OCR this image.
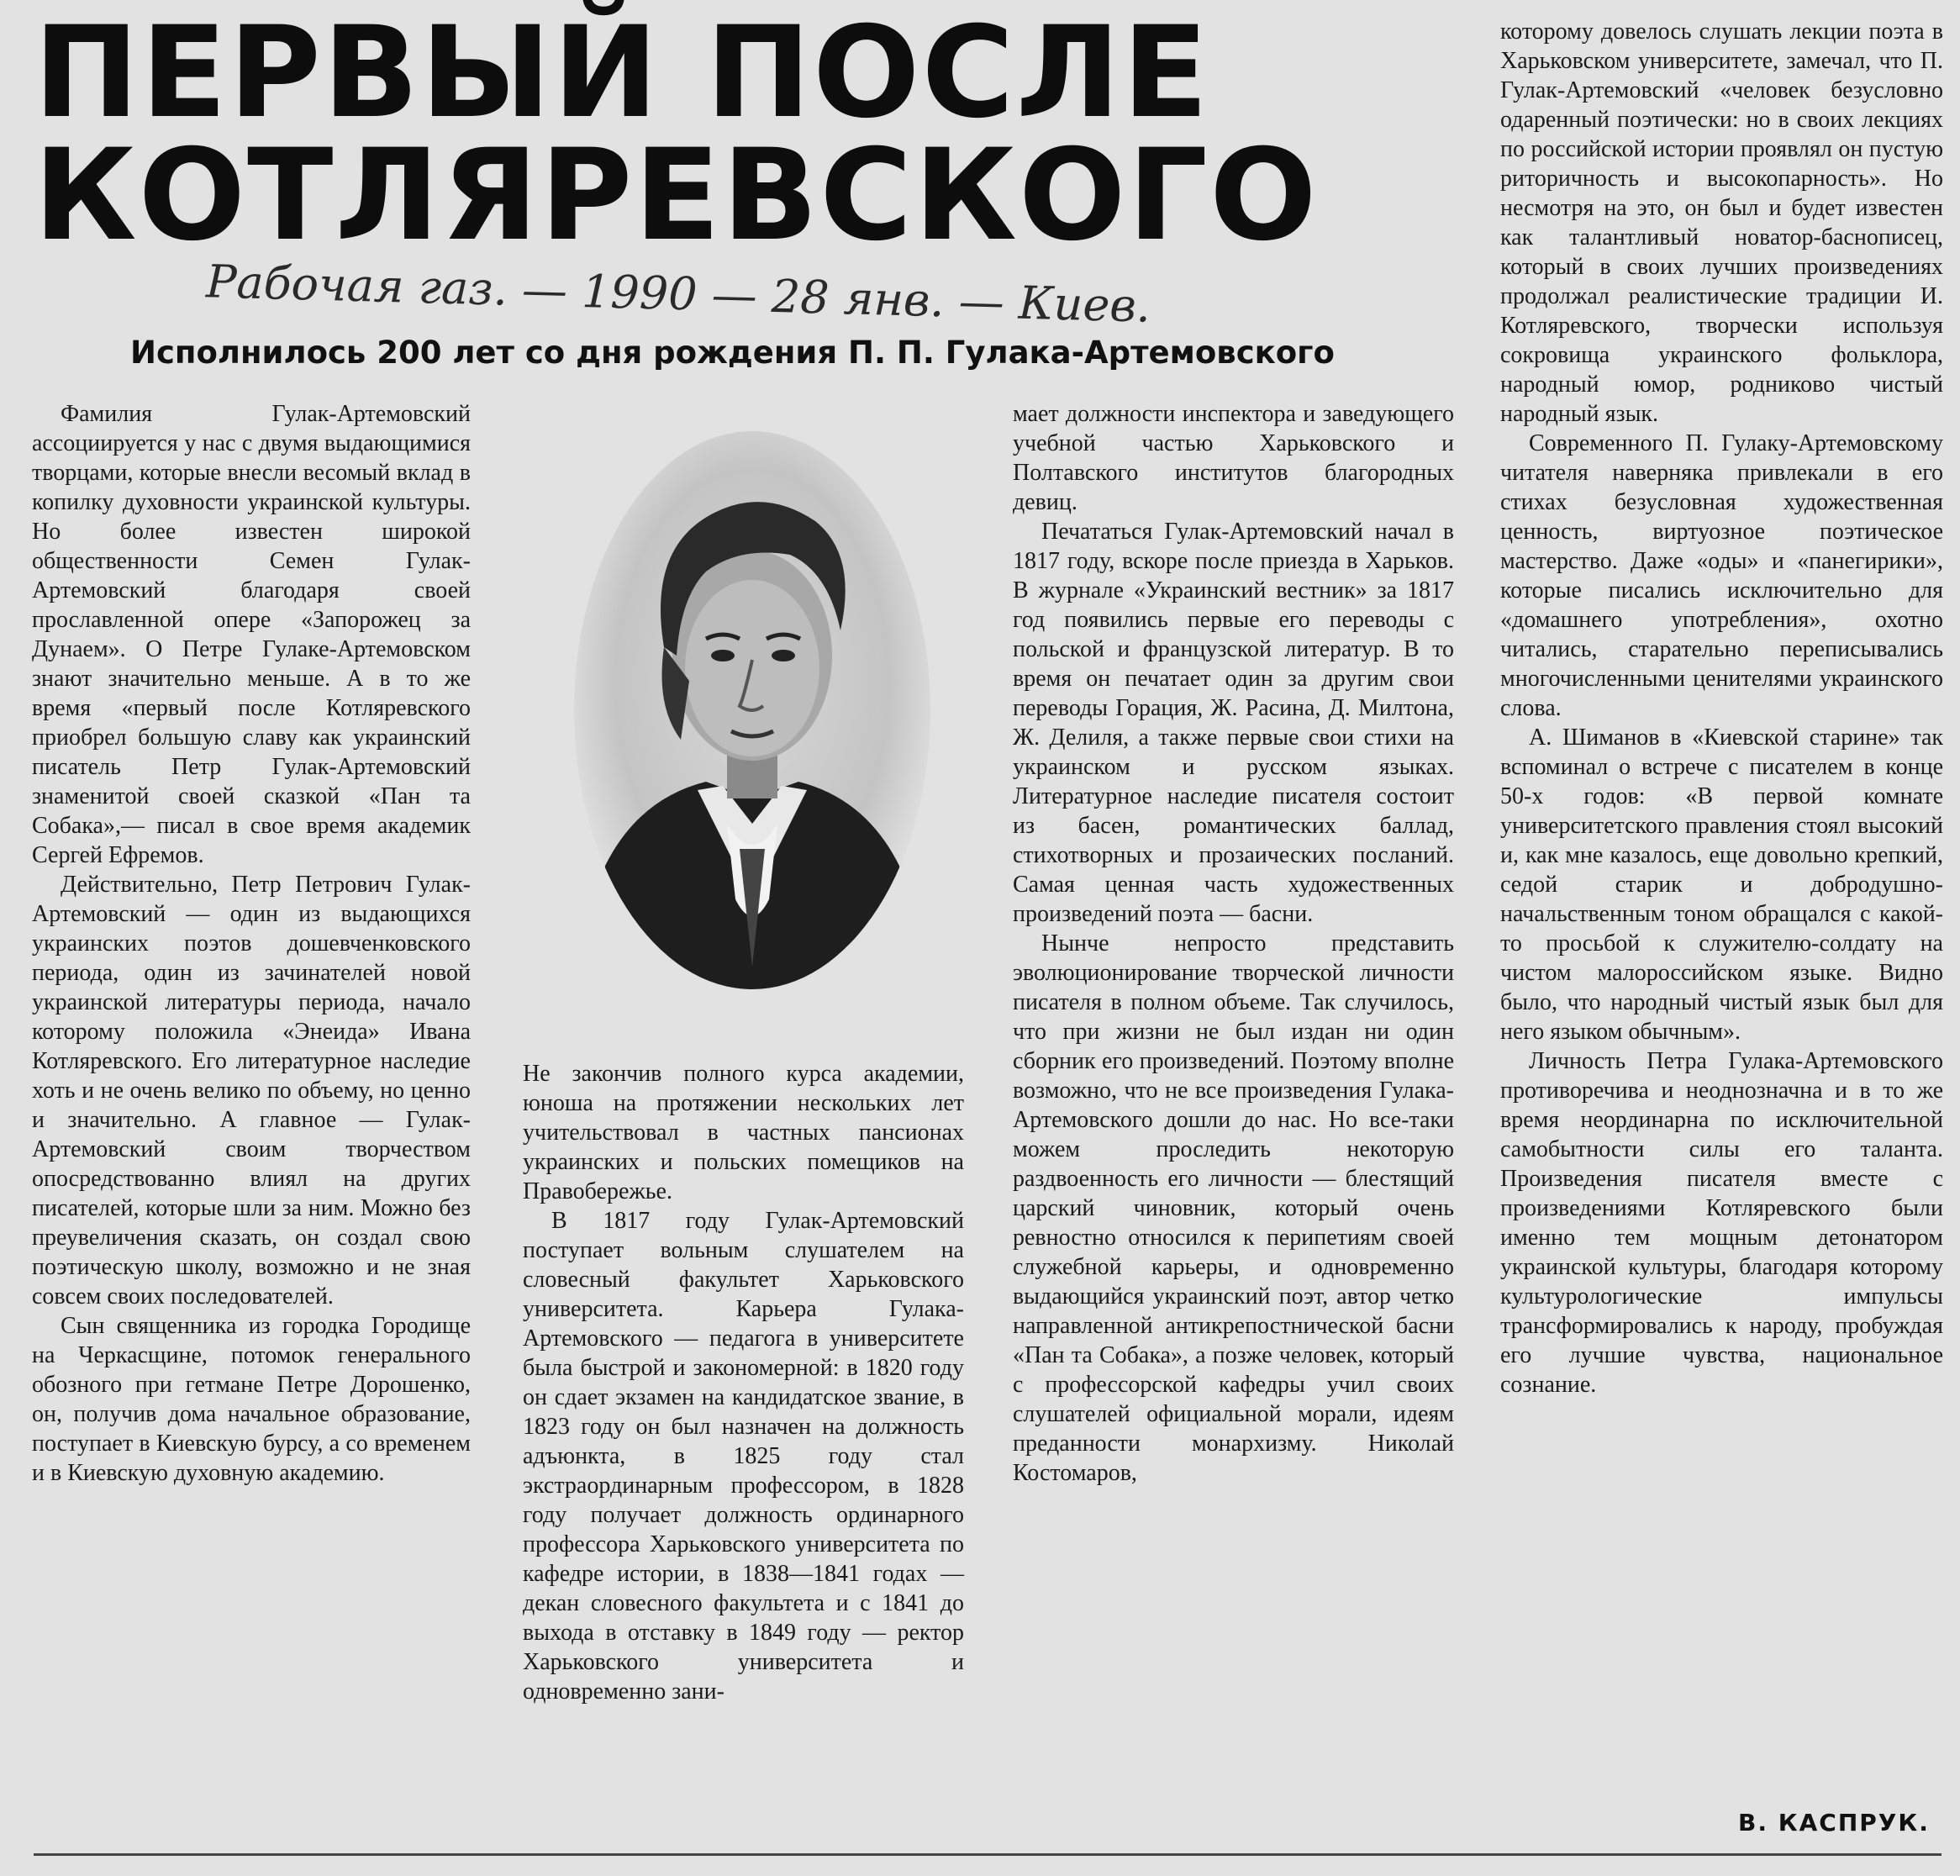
ПЕРВЫЙ ПОСЛЕ
КОТЛЯРЕВСКОГО
Рабочая газ. — 1990 — 28 янв. — Киев.
Исполнилось 200 лет со дня рождения П. П. Гулака-Артемовского

Фамилия Гулак-Артемовский ассоциируется у нас с двумя выдающимися творцами, которые внесли весомый вклад в копилку духовности украинской культуры. Но более известен широкой общественности Семен Гулак-Артемовский благодаря своей прославленной опере «Запорожец за Дунаем». О Петре Гулаке-Артемовском знают значительно меньше. А в то же время «первый после Котляревского приобрел большую славу как украинский писатель Петр Гулак-Артемовский знаменитой своей сказкой «Пан та Собака»,— писал в свое время академик Сергей Ефремов.

Действительно, Петр Петрович Гулак-Артемовский — один из выдающихся украинских поэтов дошевченковского периода, один из зачинателей новой украинской литературы периода, начало которому положила «Энеида» Ивана Котляревского. Его литературное наследие хоть и не очень велико по объему, но ценно и значительно. А главное — Гулак-Артемовский своим творчеством опосредствованно влиял на других писателей, которые шли за ним. Можно без преувеличения сказать, он создал свою поэтическую школу, возможно и не зная совсем своих последователей.

Сын священника из городка Городище на Черкасщине, потомок генерального обозного при гетмане Петре Дорошенко, он, получив дома начальное образование, поступает в Киевскую бурсу, а со временем и в Киевскую духовную академию.

Не закончив полного курса академии, юноша на протяжении нескольких лет учительствовал в частных пансионах украинских и польских помещиков на Правобережье.

В 1817 году Гулак-Артемовский поступает вольным слушателем на словесный факультет Харьковского университета. Карьера Гулака-Артемовского — педагога в университете была быстрой и закономерной: в 1820 году он сдает экзамен на кандидатское звание, в 1823 году он был назначен на должность адъюнкта, в 1825 году стал экстраординарным профессором, в 1828 году получает должность ординарного профессора Харьковского университета по кафедре истории, в 1838—1841 годах — декан словесного факультета и с 1841 до выхода в отставку в 1849 году — ректор Харьковского университета и одновременно зани-

мает должности инспектора и заведующего учебной частью Харьковского и Полтавского институтов благородных девиц.

Печататься Гулак-Артемовский начал в 1817 году, вскоре после приезда в Харьков. В журнале «Украинский вестник» за 1817 год появились первые его переводы с польской и французской литератур. В то время он печатает один за другим свои переводы Горация, Ж. Расина, Д. Милтона, Ж. Делиля, а также первые свои стихи на украинском и русском языках. Литературное наследие писателя состоит из басен, романтических баллад, стихотворных и прозаических посланий. Самая ценная часть художественных произведений поэта — басни.

Нынче непросто представить эволюционирование творческой личности писателя в полном объеме. Так случилось, что при жизни не был издан ни один сборник его произведений. Поэтому вполне возможно, что не все произведения Гулака-Артемовского дошли до нас. Но все-таки можем проследить некоторую раздвоенность его личности — блестящий царский чиновник, который очень ревностно относился к перипетиям своей служебной карьеры, и одновременно выдающийся украинский поэт, автор четко направленной антикрепостнической басни «Пан та Собака», а позже человек, который с профессорской кафедры учил своих слушателей официальной морали, идеям преданности монархизму. Николай Костомаров,

которому довелось слушать лекции поэта в Харьковском университете, замечал, что П. Гулак-Артемовский «человек безусловно одаренный поэтически: но в своих лекциях по российской истории проявлял он пустую риторичность и высокопарность». Но несмотря на это, он был и будет известен как талантливый новатор-баснописец, который в своих лучших произведениях продолжал реалистические традиции И. Котляревского, творчески используя сокровища украинского фольклора, народный юмор, родниково чистый народный язык.

Современного П. Гулаку-Артемовскому читателя наверняка привлекали в его стихах безусловная художественная ценность, виртуозное поэтическое мастерство. Даже «оды» и «панегирики», которые писались исключительно для «домашнего употребления», охотно читались, старательно переписывались многочисленными ценителями украинского слова.

А. Шиманов в «Киевской старине» так вспоминал о встрече с писателем в конце 50-х годов: «В первой комнате университетского правления стоял высокий и, как мне казалось, еще довольно крепкий, седой старик и добродушно-начальственным тоном обращался с какой-то просьбой к служителю-солдату на чистом малороссийском языке. Видно было, что народный чистый язык был для него языком обычным».

Личность Петра Гулака-Артемовского противоречива и неоднозначна и в то же время неординарна по исключительной самобытности силы его таланта. Произведения писателя вместе с произведениями Котляревского были именно тем мощным детонатором украинской культуры, благодаря которому культурологические импульсы трансформировались к народу, пробуждая его лучшие чувства, национальное сознание.

В. КАСПРУК.
